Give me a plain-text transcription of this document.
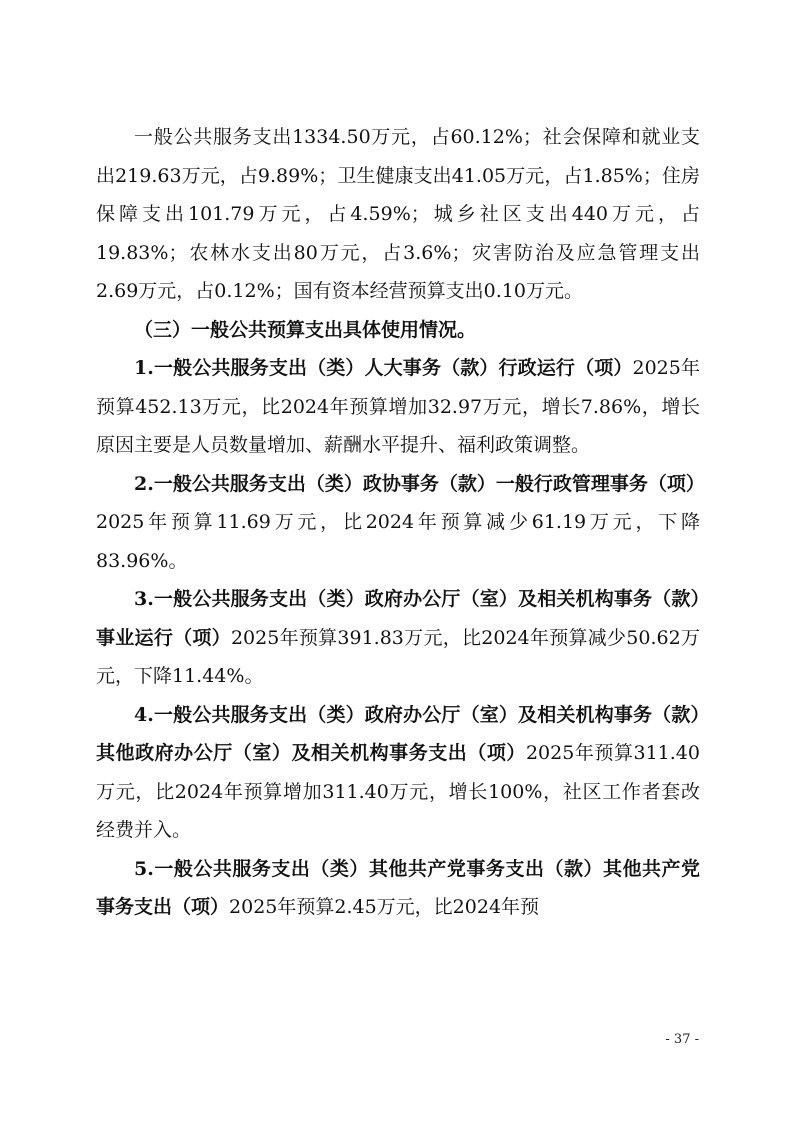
一般公共服务支出1334.50万元，占60.12%；社会保障和就业支出219.63万元，占9.89%；卫生健康支出41.05万元，占1.85%；住房保障支出101.79万元，占4.59%；城乡社区支出440万元，占19.83%；农林水支出80万元，占3.6%；灾害防治及应急管理支出2.69万元，占0.12%；国有资本经营预算支出0.10万元。

（三）一般公共预算支出具体使用情况。

1.一般公共服务支出（类）人大事务（款）行政运行（项）2025年预算452.13万元，比2024年预算增加32.97万元，增长7.86%，增长原因主要是人员数量增加、薪酬水平提升、福利政策调整。

2.一般公共服务支出（类）政协事务（款）一般行政管理事务（项）2025年预算11.69万元，比2024年预算减少61.19万元，下降83.96%。

3.一般公共服务支出（类）政府办公厅（室）及相关机构事务（款）事业运行（项）2025年预算391.83万元，比2024年预算减少50.62万元，下降11.44%。

4.一般公共服务支出（类）政府办公厅（室）及相关机构事务（款）其他政府办公厅（室）及相关机构事务支出（项）2025年预算311.40万元，比2024年预算增加311.40万元，增长100%，社区工作者套改经费并入。

5.一般公共服务支出（类）其他共产党事务支出（款）其他共产党事务支出（项）2025年预算2.45万元，比2024年预

- 37 -
